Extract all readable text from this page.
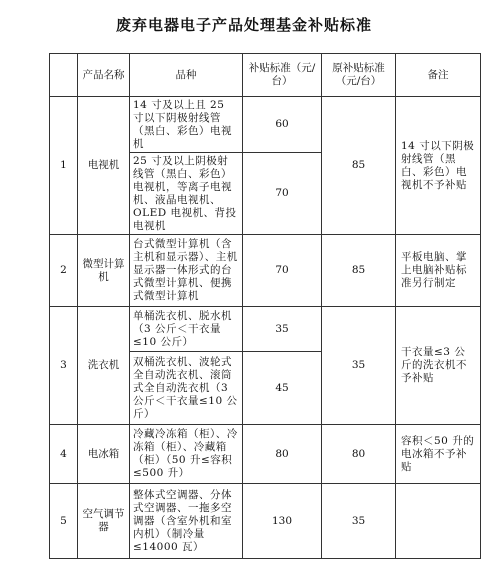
废弃电器电子产品处理基金补贴标准
	产品名称	品种	补贴标准（元/台）	原补贴标准（元/台）	备注
1	电视机	14 寸及以上且 25 寸以下阴极射线管（黑白、彩色）电视机	60	85	14 寸以下阴极射线管（黑白、彩色）电视机不予补贴
		25 寸及以上阴极射线管（黑白、彩色）电视机，等离子电视机、液晶电视机、OLED 电视机、背投电视机	70		
2	微型计算机	台式微型计算机（含主机和显示器）、主机显示器一体形式的台式微型计算机、便携式微型计算机	70	85	平板电脑、掌上电脑补贴标准另行制定
3	洗衣机	单桶洗衣机、脱水机（3 公斤＜干衣量≤10 公斤）	35	35	干衣量≤3 公斤的洗衣机不予补贴
		双桶洗衣机、波轮式全自动洗衣机、滚筒式全自动洗衣机（3 公斤＜干衣量≤10 公斤）	45		
4	电冰箱	冷藏冷冻箱（柜）、冷冻箱（柜）、冷藏箱（柜）（50 升≤容积≤500 升）	80	80	容积＜50 升的电冰箱不予补贴
5	空气调节器	整体式空调器、分体式空调器、一拖多空调器（含室外机和室内机）（制冷量≤14000 瓦）	130	35	
